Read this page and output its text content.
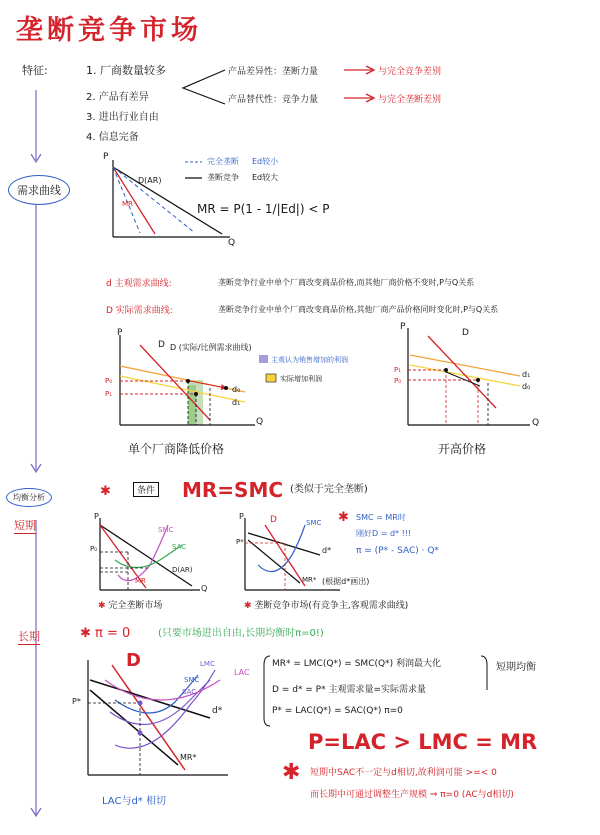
垄断竞争市场
特征:	1. 厂商数量较多
2. 产品有差异
3. 进出行业自由
4. 信息完备
产品差异性：垄断力量	与完全竞争差别
产品替代性：竞争力量	与完全垄断差别
需求曲线
P
Q
D(AR)
MR
完全垄断 Ed较小
垄断竞争 Ed较大
MR = P(1 - 1/|Ed|) < P
d 主观需求曲线:	垄断竞争行业中单个厂商改变商品价格,而其他厂商价格不变时,P与Q关系
D 实际需求曲线:	垄断竞争行业中单个厂商改变商品价格,其他厂商产品价格同时变化时,P与Q关系
P
Q
D D (实际/比例需求曲线)
P₀
P₁	d₀
d₁
主观认为销售增加的利润
实际增加利润
单个厂商降低价格
P
Q
D
P₁
P₀
d₁
d₀
开高价格
均衡分析
短期
✱	条件 MR=SMC (类似于完全垄断)
P
Q
P₀
SMC
SAC
D(AR)
MR
✱ 完全垄断市场
P
P*
D	SMC
d*
MR* (根据d*画出)
✱ 垄断竞争市场(有竞争主,客观需求曲线)
✱ SMC = MR时
刚好D = d* !!!
π = (P* - SAC) · Q*
长期	✱ π = 0	(只要市场进出自由,长期均衡时π=0!)
D	LMC
SMC
SAC
LAC
P*
d*
MR*
LAC与d* 相切
MR* = LMC(Q*) = SMC(Q*) 利润最大化
D = d* = P* 主观需求量=实际需求量
P* = LAC(Q*) = SAC(Q*) π=0
短期均衡
P=LAC > LMC = MR
✱ 短期中SAC不一定与d相切,故利润可能 >=< 0
而长期中可通过调整生产规模 ⇒ π=0 (AC与d相切)
